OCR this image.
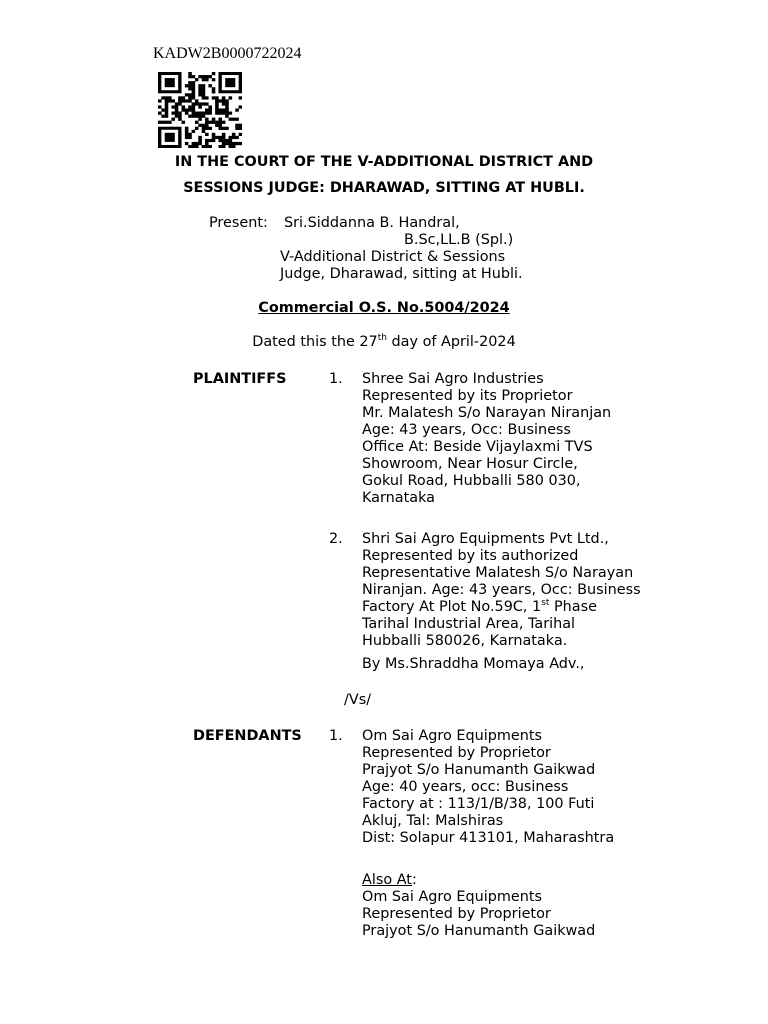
KADW2B0000722024
IN THE COURT OF THE V-ADDITIONAL DISTRICT AND
SESSIONS JUDGE: DHARAWAD, SITTING AT HUBLI.
Present: Sri.Siddanna B. Handral,
B.Sc,LL.B (Spl.)
V-Additional District & Sessions
Judge, Dharawad, sitting at Hubli.
Commercial O.S. No.5004/2024
Dated this the 27th day of April-2024
PLAINTIFFS	1. Shree Sai Agro Industries
Represented by its Proprietor
Mr. Malatesh S/o Narayan Niranjan
Age: 43 years, Occ: Business
Office At: Beside Vijaylaxmi TVS
Showroom, Near Hosur Circle,
Gokul Road, Hubballi 580 030,
Karnataka
2. Shri Sai Agro Equipments Pvt Ltd.,
Represented by its authorized
Representative Malatesh S/o Narayan
Niranjan. Age: 43 years, Occ: Business
Factory At Plot No.59C, 1st Phase
Tarihal Industrial Area, Tarihal
Hubballi 580026, Karnataka.
By Ms.Shraddha Momaya Adv.,
/Vs/
DEFENDANTS 1. Om Sai Agro Equipments
Represented by Proprietor
Prajyot S/o Hanumanth Gaikwad
Age: 40 years, occ: Business
Factory at : 113/1/B/38, 100 Futi
Akluj, Tal: Malshiras
Dist: Solapur 413101, Maharashtra
Also At:
Om Sai Agro Equipments
Represented by Proprietor
Prajyot S/o Hanumanth Gaikwad
